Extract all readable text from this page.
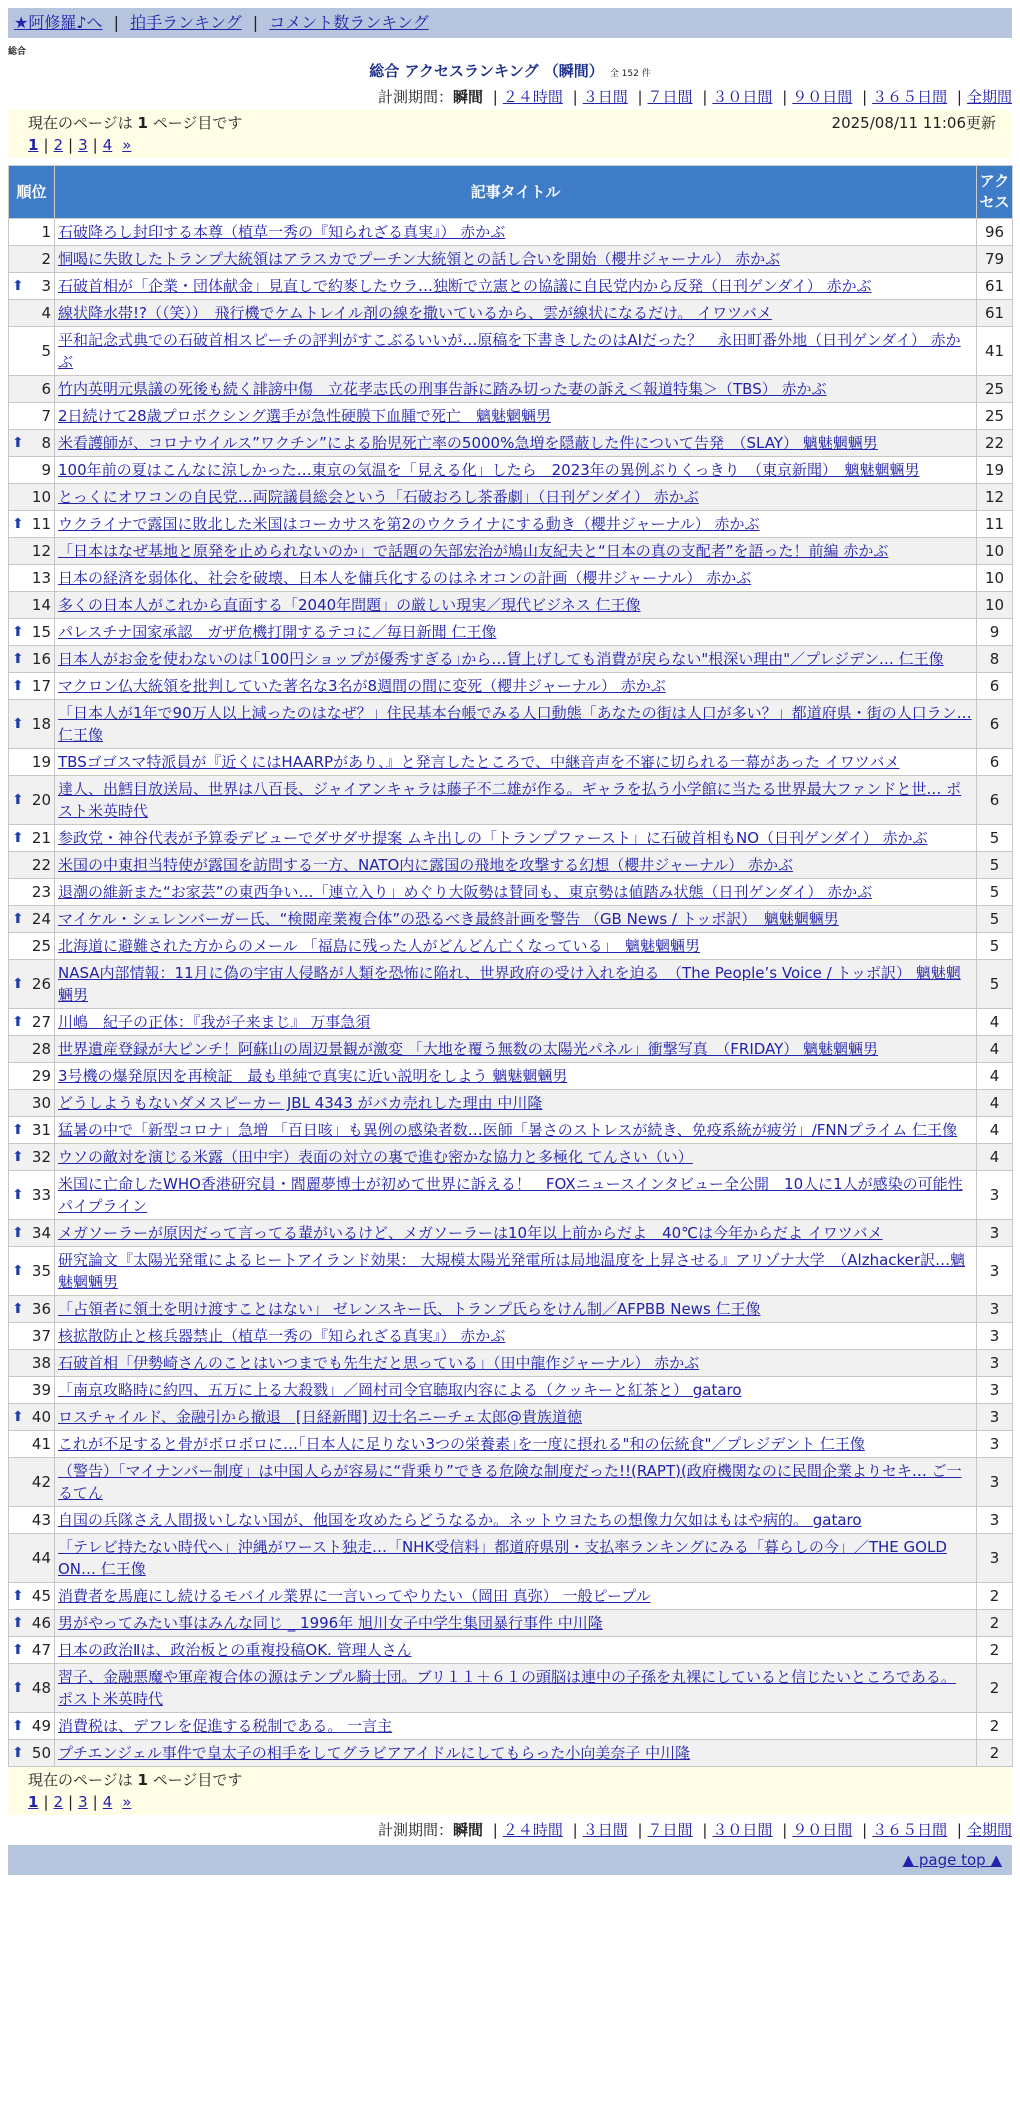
★阿修羅♪へ | 拍手ランキング | コメント数ランキング
総合
総合 アクセスランキング （瞬間） 全 152 件
計測期間：瞬間 | ２４時間 | ３日間 | ７日間 | ３０日間 | ９０日間 | ３６５日間 | 全期間
現在のページは 1 ページ目です	2025/08/11 11:06更新
1 | 2 | 3 | 4 »
順位	記事タイトル	アクセス
1	石破降ろし封印する本尊（植草一秀の『知られざる真実』） 赤かぶ	96
2	恫喝に失敗したトランプ大統領はアラスカでプーチン大統領との話し合いを開始（櫻井ジャーナル） 赤かぶ	79

⬆ 3	石破首相が「企業・団体献金」見直しで約麥したウラ…独断で立憲との協議に自民党内から反発（日刊ゲンダイ） 赤かぶ	61
4	線状降水帯!?（（笑））　飛行機でケムトレイル剤の線を撒いているから、雲が線状になるだけ。 イワツバメ	61
5	平和記念式典での石破首相スピーチの評判がすこぶるいいが…原稿を下書きしたのはAIだった？　永田町番外地（日刊ゲンダイ） 赤かぶ	41
6	竹内英明元県議の死後も続く誹謗中傷　立花孝志氏の刑事告訴に踏み切った妻の訴え＜報道特集＞（TBS） 赤かぶ	25
7	2日続けて28歳プロボクシング選手が急性硬膜下血腫で死亡　魑魅魍魎男	25

⬆ 8	米看護師が、コロナウイルス”ワクチン”による胎児死亡率の5000%急増を隠蔽した件について告発　（SLAY） 魑魅魍魎男	22
9	100年前の夏はこんなに涼しかった…東京の気温を「見える化」したら　2023年の異例ぶりくっきり　（東京新聞）　魑魅魍魎男	19
10	とっくにオワコンの自民党…両院議員総会という「石破おろし茶番劇」（日刊ゲンダイ） 赤かぶ	12

⬆ 11	ウクライナで露国に敗北した米国はコーカサスを第2のウクライナにする動き（櫻井ジャーナル） 赤かぶ	11
12	「日本はなぜ基地と原発を止められないのか」で話題の矢部宏治が鳩山友紀夫と“日本の真の支配者”を語った！前編 赤かぶ	10
13	日本の経済を弱体化、社会を破壊、日本人を傭兵化するのはネオコンの計画（櫻井ジャーナル） 赤かぶ	10
14	多くの日本人がこれから直面する「2040年問題」の厳しい現実／現代ビジネス 仁王像	10

⬆ 15	パレスチナ国家承認　ガザ危機打開するテコに／毎日新聞 仁王像	9

⬆ 16	日本人がお金を使わないのは｢100円ショップが優秀すぎる｣から…賃上げしても消費が戻らない"根深い理由"／プレジデン… 仁王像	8

⬆ 17	マクロン仏大統領を批判していた著名な3名が8週間の間に変死（櫻井ジャーナル） 赤かぶ	6

⬆ 18	「日本人が1年で90万人以上減ったのはなぜ？」住民基本台帳でみる人口動態「あなたの街は人口が多い？」都道府県・街の人口ラン… 仁王像	6
19	TBSゴゴスマ特派員が『近くにはHAARPがあり、』と発言したところで、中継音声を不審に切られる一幕があった イワツバメ	6

⬆ 20	達人、出鱈目放送局、世界は八百長、ジャイアンキャラは藤子不二雄が作る。ギャラを払う小学館に当たる世界最大ファンドと世… ポスト米英時代	6

⬆ 21	参政党・神谷代表が予算委デビューでダサダサ提案 ムキ出しの「トランプファースト」に石破首相もNO（日刊ゲンダイ） 赤かぶ	5
22	米国の中東担当特使が露国を訪問する一方、NATO内に露国の飛地を攻撃する幻想（櫻井ジャーナル） 赤かぶ	5
23	退潮の維新また“お家芸”の東西争い…「連立入り」めぐり大阪勢は賛同も、東京勢は値踏み状態（日刊ゲンダイ） 赤かぶ	5

⬆ 24	マイケル・シェレンバーガー氏、“検閲産業複合体”の恐るべき最終計画を警告 （GB News / トッポ訳）　魑魅魍魎男	5
25	北海道に避難された方からのメール 「福島に残った人がどんどん亡くなっている」　魑魅魍魎男	5

⬆ 26	NASA内部情報：11月に偽の宇宙人侵略が人類を恐怖に陥れ、世界政府の受け入れを迫る　（The People’s Voice / トッポ訳） 魑魅魍魎男	5

⬆ 27	川嶋　紀子の正体：『我が子来まじ』 万事急須	4
28	世界遺産登録が大ピンチ！阿蘇山の周辺景観が激変 「大地を覆う無数の太陽光パネル」衝撃写真　（FRIDAY） 魑魅魍魎男	4
29	3号機の爆発原因を再検証　最も単純で真実に近い説明をしよう 魑魅魍魎男	4
30	どうしようもないダメスピーカー JBL 4343 がバカ売れした理由 中川隆	4

⬆ 31	猛暑の中で「新型コロナ」急増 「百日咳」も異例の感染者数…医師「暑さのストレスが続き、免疫系統が疲労」/FNNプライム 仁王像	4

⬆ 32	ウソの敵対を演じる米露（田中宇）表面の対立の裏で進む密かな協力と多極化 てんさい（い）	4

⬆ 33	米国に亡命したWHO香港研究員・閻麗夢博士が初めて世界に訴える！　FOXニュースインタビュー全公開　10人に1人が感染の可能性 パイプライン	3

⬆ 34	メガソーラーが原因だって言ってる輩がいるけど、メガソーラーは10年以上前からだよ　40℃は今年からだよ イワツバメ	3

⬆ 35	研究論文『太陽光発電によるヒートアイランド効果： 大規模太陽光発電所は局地温度を上昇させる』アリゾナ大学　（Alzhacker訳…魑魅魍魎男	3

⬆ 36	「占領者に領土を明け渡すことはない」 ゼレンスキー氏、トランプ氏らをけん制／AFPBB News 仁王像	3
37	核拡散防止と核兵器禁止（植草一秀の『知られざる真実』） 赤かぶ	3
38	石破首相「伊勢崎さんのことはいつまでも先生だと思っている」（田中龍作ジャーナル） 赤かぶ	3
39	「南京攻略時に約四、五万に上る大殺戮」／岡村司令官聴取内容による（クッキーと紅茶と） gataro	3

⬆ 40	ロスチャイルド、金融引から撤退　[日経新聞] 辺士名ニーチェ太郎@貴族道徳	3
41	これが不足すると骨がボロボロに…｢日本人に足りない3つの栄養素｣を一度に摂れる"和の伝統食"／プレジデント 仁王像	3
42	（警告）「マイナンバー制度」は中国人らが容易に“背乗り”できる危険な制度だった!!(RAPT)(政府機関なのに民間企業よりセキ… ご一るてん	3
43	自国の兵隊さえ人間扱いしない国が、他国を攻めたらどうなるか。ネットウヨたちの想像力欠如はもはや病的。 gataro	3
44	「テレビ持たない時代へ」沖縄がワースト独走…「NHK受信料」都道府県別・支払率ランキングにみる「暮らしの今」／THE GOLD ON… 仁王像	3

⬆ 45	消費者を馬鹿にし続けるモバイル業界に一言いってやりたい（岡田 真弥） 一般ピープル	2

⬆ 46	男がやってみたい事はみんな同じ _ 1996年 旭川女子中学生集団暴行事件 中川隆	2

⬆ 47	日本の政治Ⅱは、政治板との重複投稿OK. 管理人さん	2

⬆ 48	習子、金融悪魔や軍産複合体の源はテンプル騎士団。ブリ１１＋６１の頭脳は連中の子孫を丸裸にしていると信じたいところである。 ポスト米英時代	2

⬆ 49	消費税は、デフレを促進する税制である。 一言主	2

⬆ 50	プチエンジェル事件で皇太子の相手をしてグラビアアイドルにしてもらった小向美奈子 中川隆	2
現在のページは 1 ページ目です
1 | 2 | 3 | 4 »
計測期間：瞬間 | ２４時間 | ３日間 | ７日間 | ３０日間 | ９０日間 | ３６５日間 | 全期間
▲ page top ▲
